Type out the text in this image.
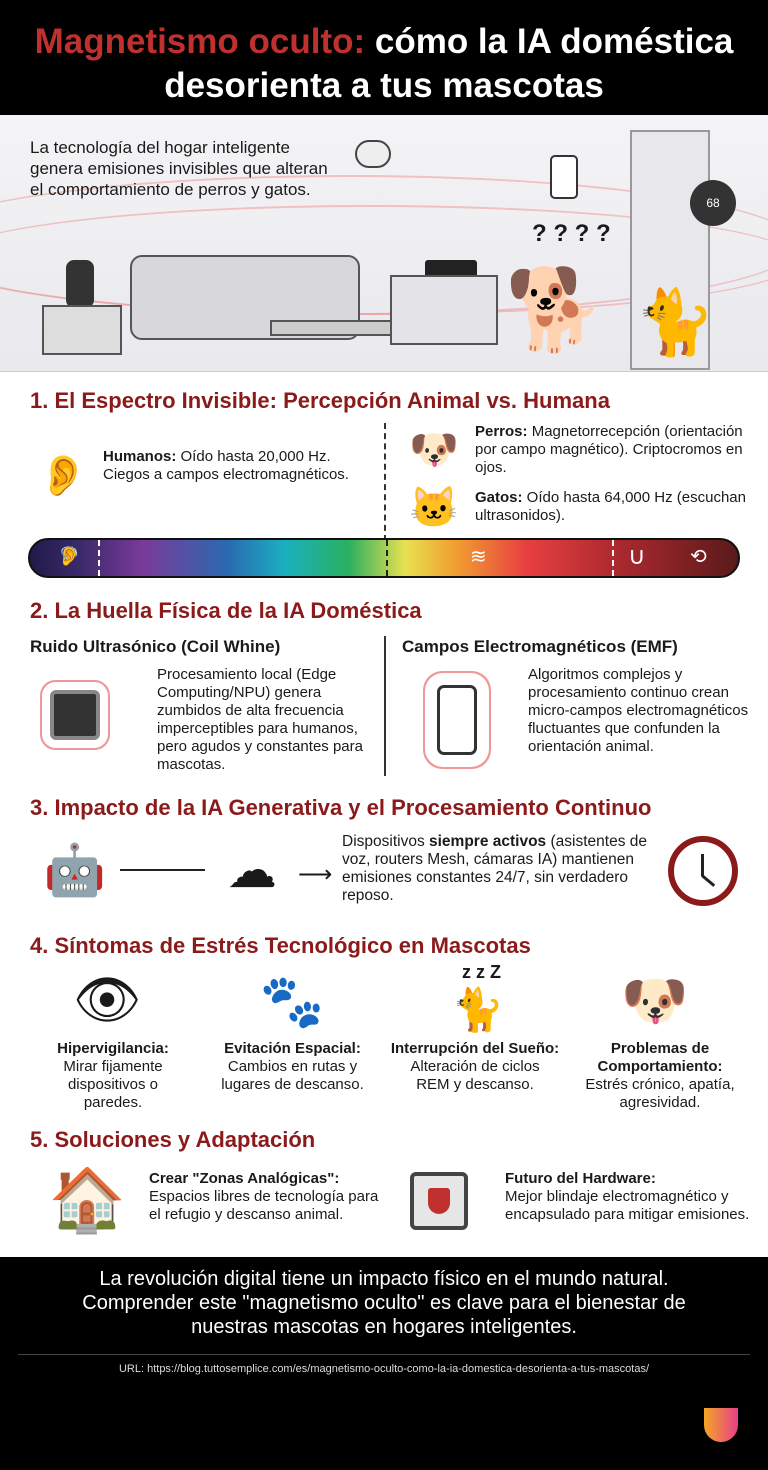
Magnetismo oculto: cómo la IA doméstica
desorienta a tus mascotas
La tecnología del hogar inteligente genera emisiones invisibles que alteran el comportamiento de perros y gatos.
68
? ? ? ?
🐕 🐈
1. El Espectro Invisible: Percepción Animal vs. Humana
👂 Humanos: Oído hasta 20,000 Hz. Ciegos a campos electromagnéticos.
🐶	Perros: Magnetorrecepción (orientación por campo magnético). Criptocromos en ojos.
🐱	Gatos: Oído hasta 64,000 Hz (escuchan ultrasonidos).
🦻	≋	∪ ⟲
2. La Huella Física de la IA Doméstica
Ruido Ultrasónico (Coil Whine)
Procesamiento local (Edge Computing/NPU) genera zumbidos de alta frecuencia imperceptibles para humanos, pero agudos y constantes para mascotas.
Campos Electromagnéticos (EMF)
Algoritmos complejos y procesamiento continuo crean micro-campos electromagnéticos fluctuantes que confunden la orientación animal.
3. Impacto de la IA Generativa y el Procesamiento Continuo
🤖	☁ ⟶
Dispositivos siempre activos (asistentes de voz, routers Mesh, cámaras IA) mantienen emisiones constantes 24/7, sin verdadero reposo.
4. Síntomas de Estrés Tecnológico en Mascotas
👁 🐾
z z Z
🐈 🐶
Hipervigilancia:
Mirar fijamente dispositivos o paredes.
Evitación Espacial:
Cambios en rutas y lugares de descanso.
Interrupción del Sueño:
Alteración de ciclos REM y descanso.
Problemas de Comportamiento:
Estrés crónico, apatía, agresividad.
5. Soluciones y Adaptación
🏠 Crear "Zonas Analógicas":
Espacios libres de tecnología para el refugio y descanso animal.
Futuro del Hardware:
Mejor blindaje electromagnético y encapsulado para mitigar emisiones.
La revolución digital tiene un impacto físico en el mundo natural. Comprender este "magnetismo oculto" es clave para el bienestar de nuestras mascotas en hogares inteligentes.
URL: https://blog.tuttosemplice.com/es/magnetismo-oculto-como-la-ia-domestica-desorienta-a-tus-mascotas/
